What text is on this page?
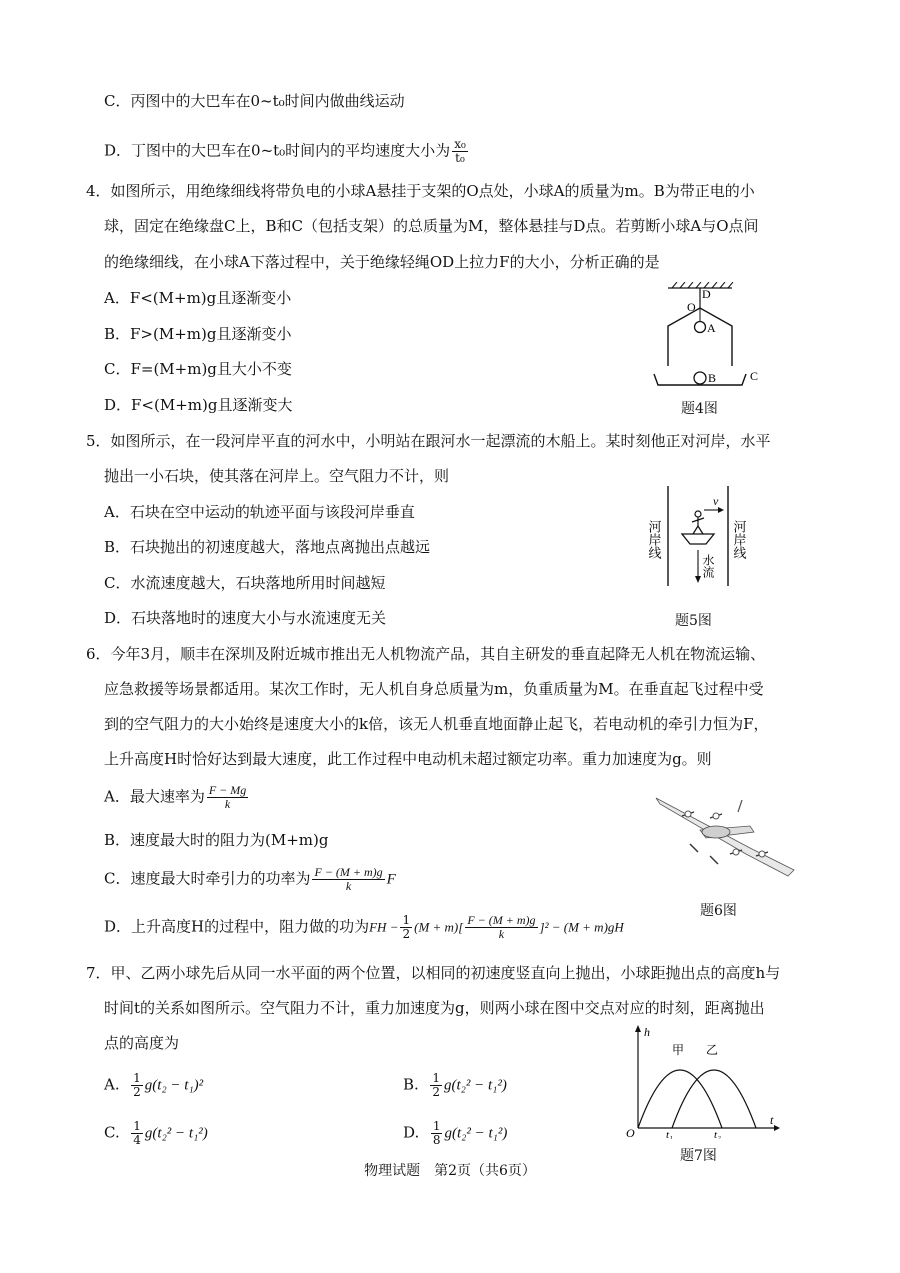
C．丙图中的大巴车在0~t₀时间内做曲线运动
D．丁图中的大巴车在0~t₀时间内的平均速度大小为 $\frac{\text{x₀}}{\text{t₀}}$
4．如图所示，用绝缘细线将带负电的小球A悬挂于支架的O点处，小球A的质量为m。B为带正电的小
球，固定在绝缘盘C上，B和C（包括支架）的总质量为M，整体悬挂与D点。若剪断小球A与O点间
的绝缘细线，在小球A下落过程中，关于绝缘轻绳OD上拉力F的大小，分析正确的是
A．F<(M+m)g且逐渐变小
B．F>(M+m)g且逐渐变小
C．F=(M+m)g且大小不变
D．F<(M+m)g且逐渐变大
D
O
A
B	C
题4图
5．如图所示，在一段河岸平直的河水中，小明站在跟河水一起漂流的木船上。某时刻他正对河岸，水平
抛出一小石块，使其落在河岸上。空气阻力不计，则
A．石块在空中运动的轨迹平面与该段河岸垂直
B．石块抛出的初速度越大，落地点离抛出点越远
C．水流速度越大，石块落地所用时间越短
D．石块落地时的速度大小与水流速度无关
河岸线	河岸线
v
水流
题5图
6．今年3月，顺丰在深圳及附近城市推出无人机物流产品，其自主研发的垂直起降无人机在物流运输、
应急救援等场景都适用。某次工作时，无人机自身总质量为m，负重质量为M。在垂直起飞过程中受
到的空气阻力的大小始终是速度大小的k倍，该无人机垂直地面静止起飞，若电动机的牵引力恒为F，
上升高度H时恰好达到最大速度，此工作过程中电动机未超过额定功率。重力加速度为g。则
A．最大速率为 $\frac{F - Mg}{k}$
B．速度最大时的阻力为(M+m)g
C．速度最大时牵引力的功率为 $\frac{F - (M + m)g}{k}$ F
D．上升高度H的过程中，阻力做的功为FH − $\frac{1}{2} (M + m)[ \frac{F - (M + m)g}{k} ]^2 - (M + m)gH$
题6图
7．甲、乙两小球先后从同一水平面的两个位置，以相同的初速度竖直向上抛出，小球距抛出点的高度h与
时间t的关系如图所示。空气阻力不计，重力加速度为g，则两小球在图中交点对应的时刻，距离抛出
点的高度为
A. $\frac{1}{2} g(t_2 - t_1)^2$	B. $\frac{1}{2} g(t_2^2 - t_1^2)$
C. $\frac{1}{4} g(t_2^2 - t_1^2)$	D. $\frac{1}{8} g(t_2^2 - t_1^2)$
h
t
O
甲 乙
t₁	t₂
题7图
物理试题　第2页（共6页）
